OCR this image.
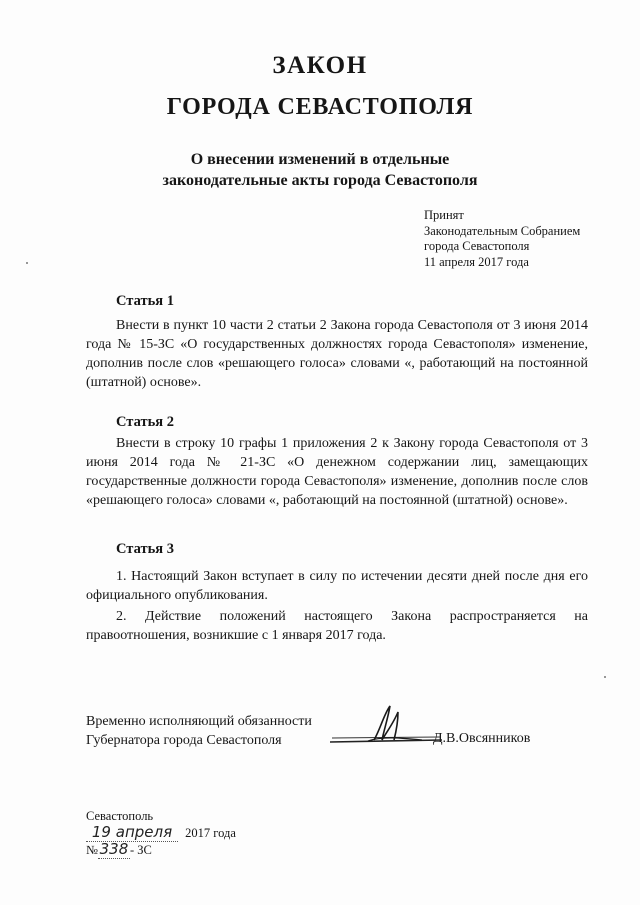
ЗАКОН
ГОРОДА СЕВАСТОПОЛЯ
О внесении изменений в отдельные
законодательные акты города Севастополя
Принят
Законодательным Собранием
города Севастополя
11 апреля 2017 года
Статья 1
Внести в пункт 10 части 2 статьи 2 Закона города Севастополя от 3 июня 2014 года № 15-ЗС «О государственных должностях города Севастополя» изменение, дополнив после слов «решающего голоса» словами «, работающий на постоянной (штатной) основе».
Статья 2
Внести в строку 10 графы 1 приложения 2 к Закону города Севастополя от 3 июня 2014 года № 21-ЗС «О денежном содержании лиц, замещающих государственные должности города Севастополя» изменение, дополнив после слов «решающего голоса» словами «, работающий на постоянной (штатной) основе».
Статья 3
1. Настоящий Закон вступает в силу по истечении десяти дней после дня его официального опубликования.
2. Действие положений настоящего Закона распространяется на правоотношения, возникшие с 1 января 2017 года.
Временно исполняющий обязанности
Губернатора города Севастополя	Д.В.Овсянников
Севастополь
19 апреля 2017 года
№ 338 - ЗС
